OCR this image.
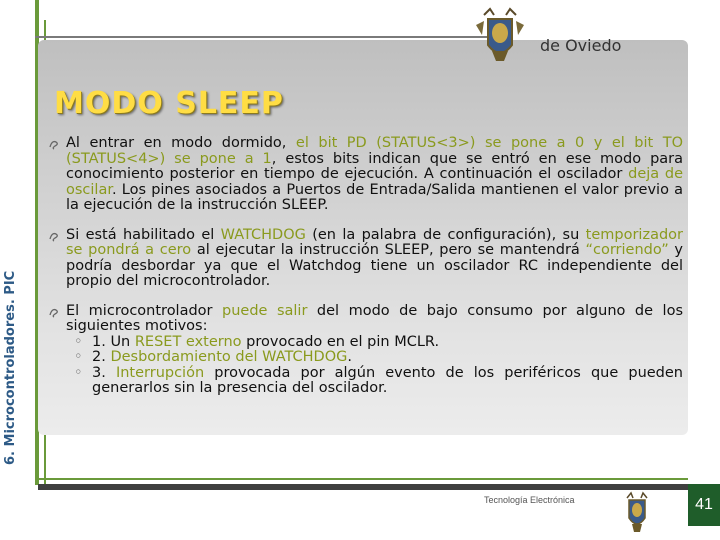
Universidad
de Oviedo
6. Microcontroladores. PIC
MODO SLEEP
Al entrar en modo dormido, el bit PD (STATUS<3>) se pone a 0 y el bit TO (STATUS<4>) se pone a 1, estos bits indican que se entró en ese modo para conocimiento posterior en tiempo de ejecución. A continuación el oscilador deja de oscilar. Los pines asociados a Puertos de Entrada/Salida mantienen el valor previo a la ejecución de la instrucción SLEEP.
Si está habilitado el WATCHDOG (en la palabra de configuración), su temporizador se pondrá a cero al ejecutar la instrucción SLEEP, pero se mantendrá “corriendo” y podría desbordar ya que el Watchdog tiene un oscilador RC independiente del propio del microcontrolador.
El microcontrolador puede salir del modo de bajo consumo por alguno de los siguientes motivos:
◦ 1. Un RESET externo provocado en el pin MCLR.
◦ 2. Desbordamiento del WATCHDOG.
◦ 3. Interrupción provocada por algún evento de los periféricos que pueden generarlos sin la presencia del oscilador.
Tecnología Electrónica	41
